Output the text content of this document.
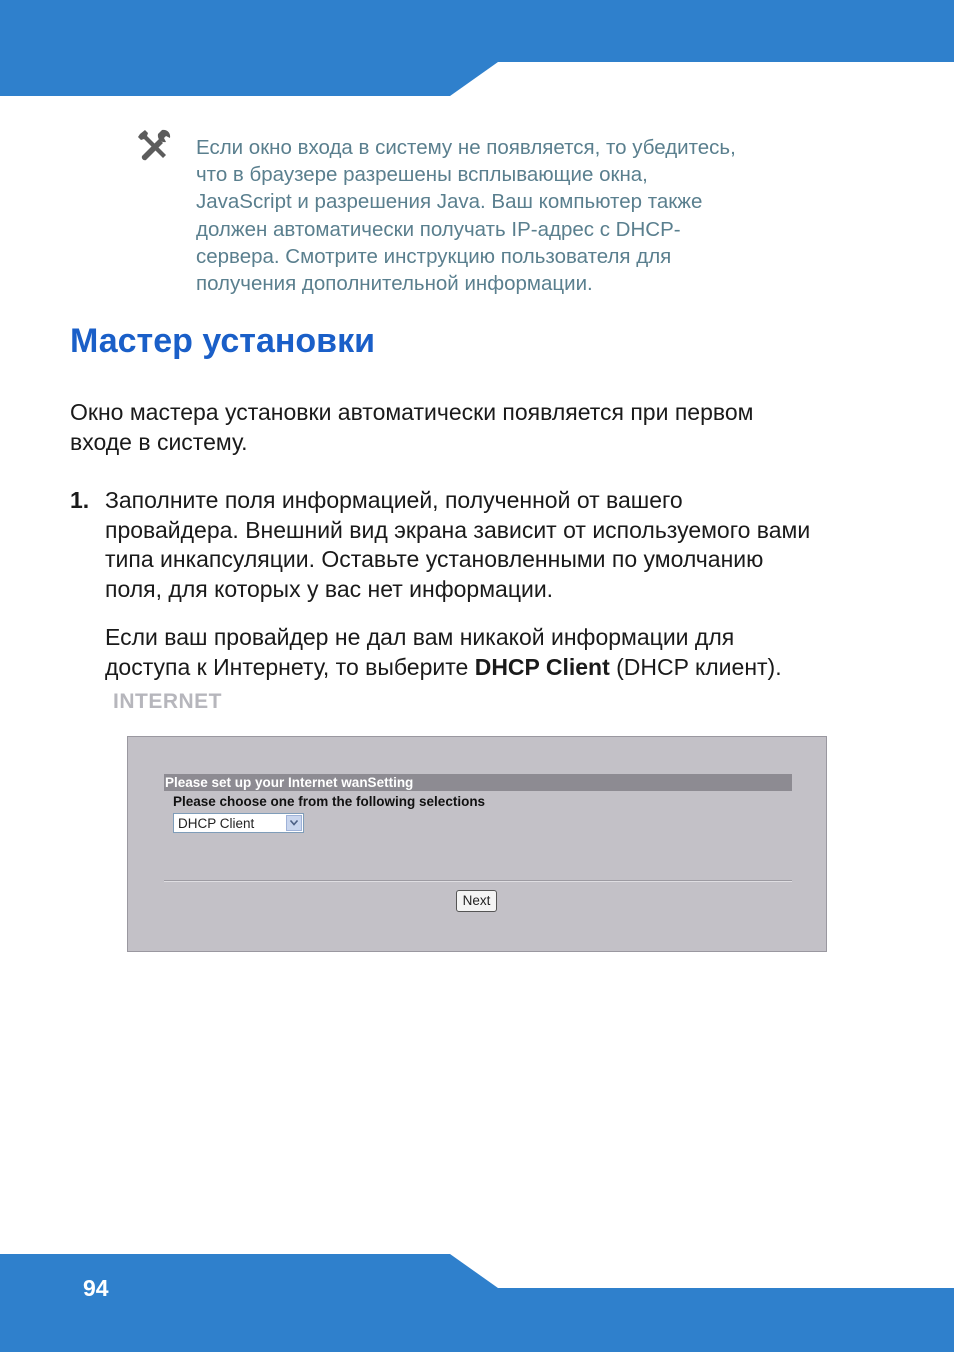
Если окно входа в систему не появляется, то убедитесь,
что в браузере разрешены всплывающие окна,
JavaScript и разрешения Java. Ваш компьютер также
должен автоматически получать IP-адрес с DHCP-
сервера. Смотрите инструкцию пользователя для
получения дополнительной информации.
Мастер установки

Окно мастера установки автоматически появляется при первом
входе в систему.

1. Заполните поля информацией, полученной от вашего
провайдера. Внешний вид экрана зависит от используемого вами
типа инкапсуляции. Оставьте установленными по умолчанию
поля, для которых у вас нет информации.

Если ваш провайдер не дал вам никакой информации для
доступа к Интернету, то выберите DHCP Client (DHCP клиент).

INTERNET
Please set up your Internet wanSetting
Please choose one from the following selections
DHCP Client
Next
94
